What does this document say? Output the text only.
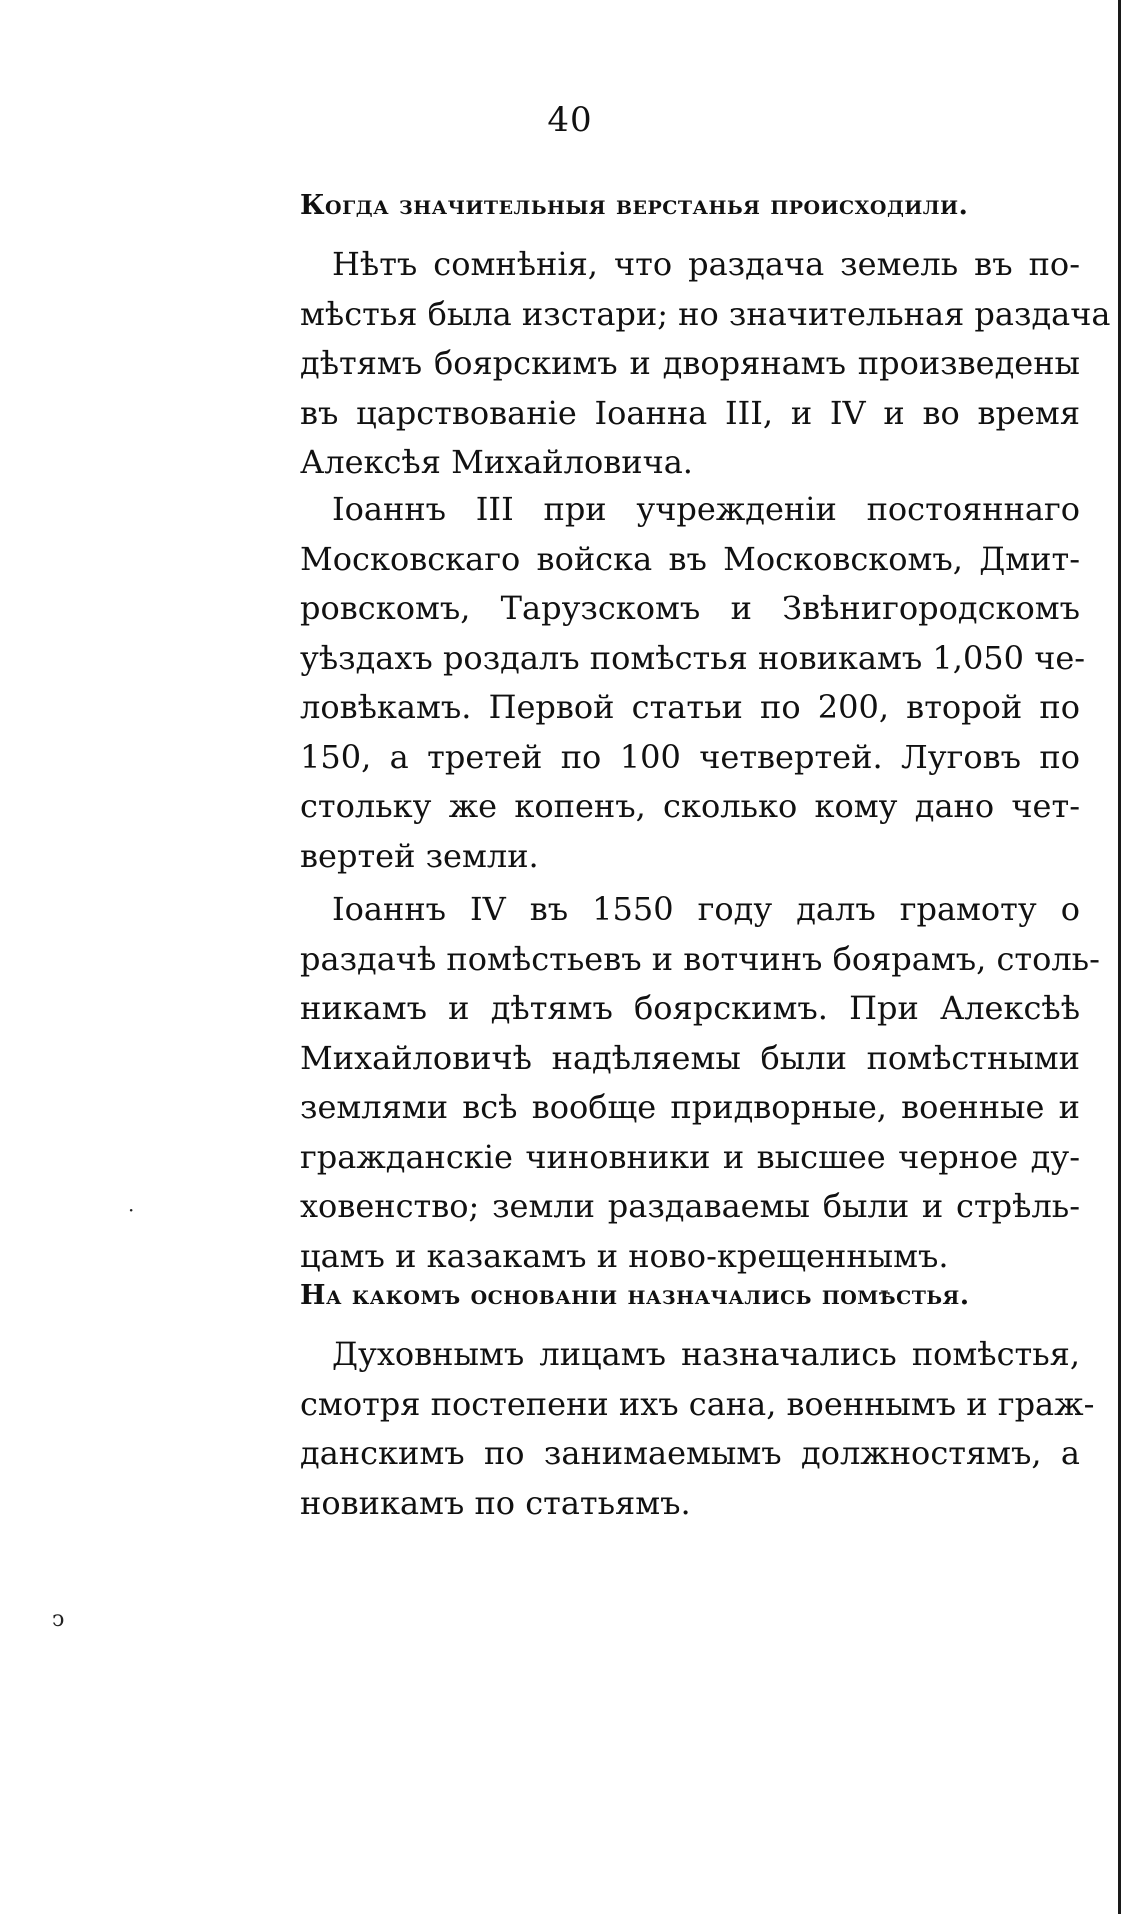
40
Когда значительныя верстанья происходили.
Нѣтъ сомнѣнія, что раздача земель въ по-
мѣстья была изстари; но значительная раздача
дѣтямъ боярскимъ и дворянамъ произведены
въ царствованіе Іоанна III, и IV и во время
Алексѣя Михайловича.
Іоаннъ III при учрежденіи постояннаго
Московскаго войска въ Московскомъ, Дмит-
ровскомъ, Тарузскомъ и Звѣнигородскомъ
уѣздахъ роздалъ помѣстья новикамъ 1,050 че-
ловѣкамъ. Первой статьи по 200, второй по
150, а третей по 100 четвертей. Луговъ по
стольку же копенъ, сколько кому дано чет-
вертей земли.
Іоаннъ IV въ 1550 году далъ грамоту о
раздачѣ помѣстьевъ и вотчинъ боярамъ, столь-
никамъ и дѣтямъ боярскимъ. При Алексѣѣ
Михайловичѣ надѣляемы были помѣстными
землями всѣ вообще придворные, военные и
гражданскіе чиновники и высшее черное ду-
ховенство; земли раздаваемы были и стрѣль-
цамъ и казакамъ и ново-крещеннымъ.
На какомъ основаніи назначались помѣстья.
Духовнымъ лицамъ назначались помѣстья,
смотря постепени ихъ сана, военнымъ и граж-
данскимъ по занимаемымъ должностямъ, а
новикамъ по статьямъ.
·
ↄ
